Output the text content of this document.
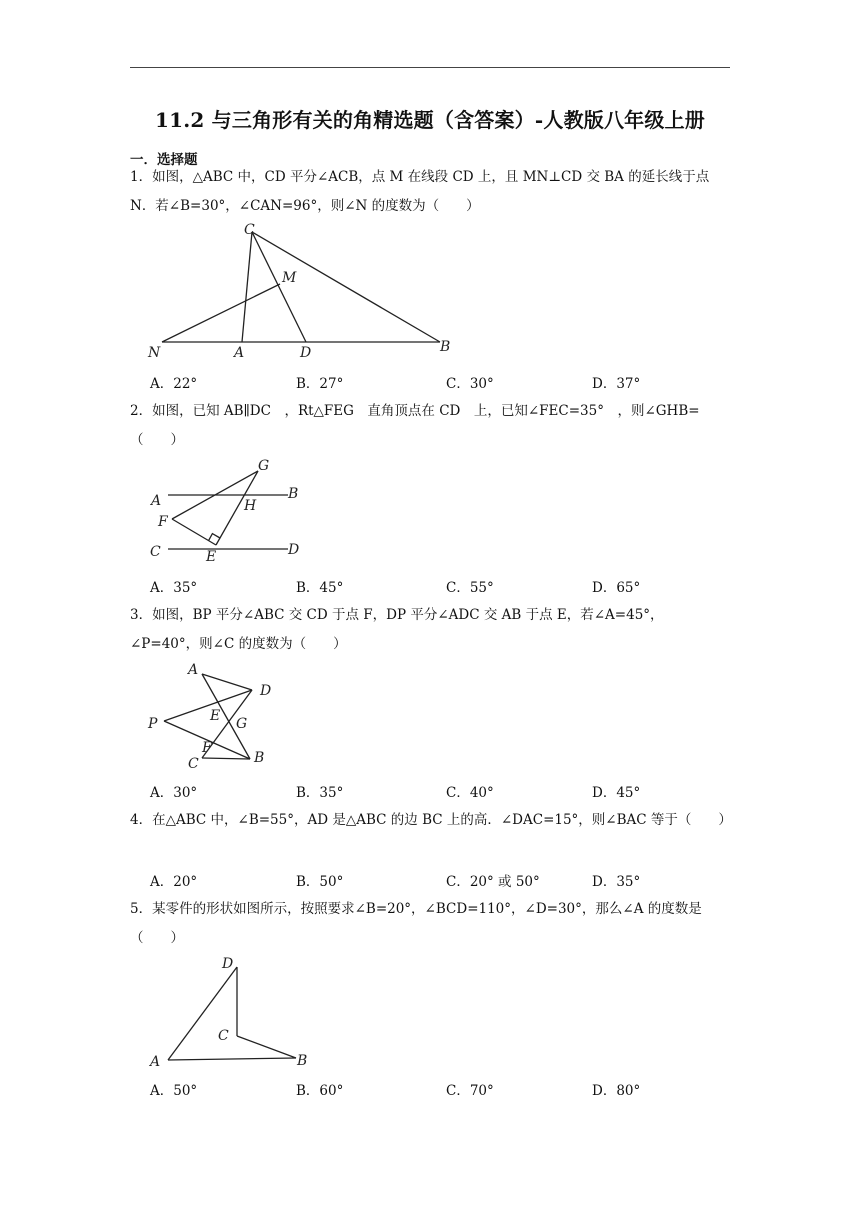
11.2 与三角形有关的角精选题（含答案）-人教版八年级上册
一．选择题
1．如图，△ABC 中，CD 平分∠ACB，点 M 在线段 CD 上，且 MN⊥CD 交 BA 的延长线于点 N．若∠B=30°，∠CAN=96°，则∠N 的度数为（　　）
C
M
N	A	D	B
A．22°	B．27°	C．30°	D．37°
2．如图，已知 AB∥DC　，Rt△FEG　直角顶点在 CD　上，已知∠FEC=35°　，则∠GHB=（　　）
G
A	B
H
F
C	E	D
A．35°	B．45°	C．55°	D．65°
3．如图，BP 平分∠ABC 交 CD 于点 F，DP 平分∠ADC 交 AB 于点 E，若∠A=45°，∠P=40°，则∠C 的度数为（　　）
A
D
P	E G
F
C	B
A．30°	B．35°	C．40°	D．45°
4．在△ABC 中，∠B=55°，AD 是△ABC 的边 BC 上的高．∠DAC=15°，则∠BAC 等于（　　）
A．20°	B．50°	C．20° 或 50°	D．35°
5．某零件的形状如图所示，按照要求∠B=20°，∠BCD=110°，∠D=30°，那么∠A 的度数是（　　）
D
C
A	B
A．50°	B．60°	C．70°	D．80°
